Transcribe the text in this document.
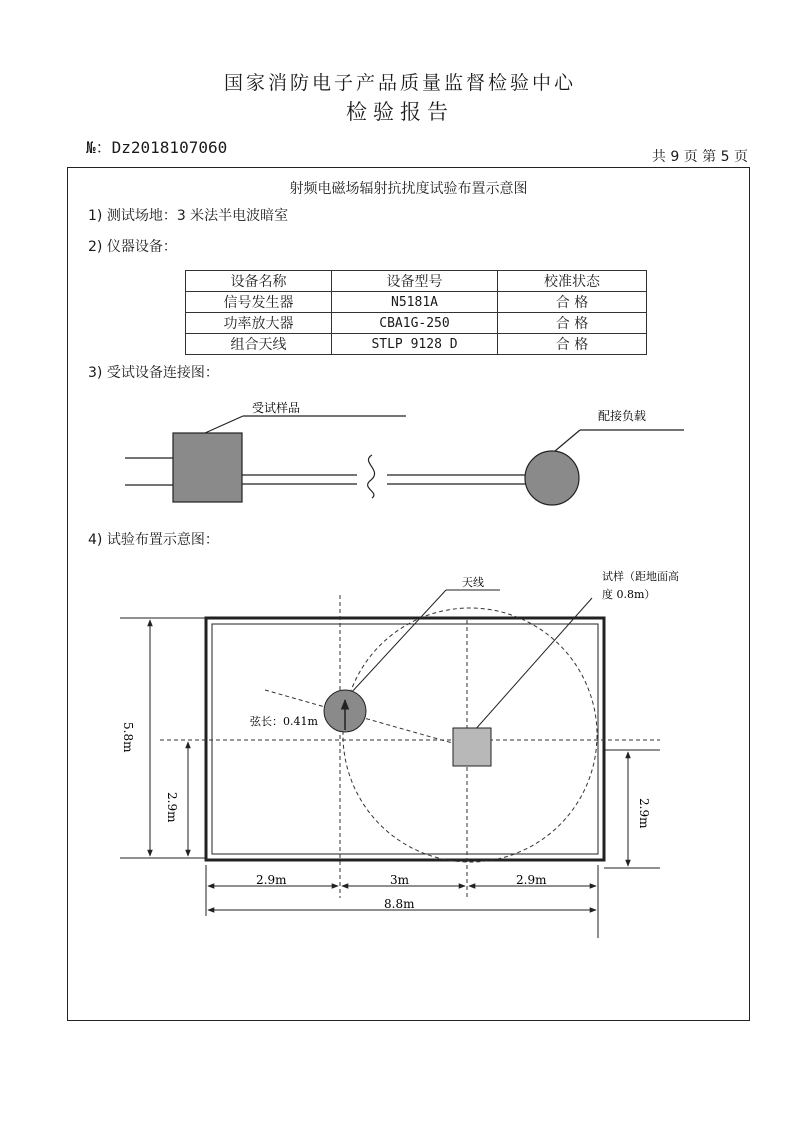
国家消防电子产品质量监督检验中心
检验报告
№：Dz2018107060	共 9 页 第 5 页
射频电磁场辐射抗扰度试验布置示意图
1) 测试场地：3 米法半电波暗室
2) 仪器设备：
设备名称	设备型号	校准状态
信号发生器	N5181A	合 格
功率放大器	CBA1G-250	合 格
组合天线	STLP 9128 D	合 格
3) 受试设备连接图：
受试样品
配接负载
4) 试验布置示意图：
天线	试样（距地面高
度 0.8m）
弦长：0.41m
5.8m
2.9m	2.9m
2.9m	3m	2.9m
8.8m
